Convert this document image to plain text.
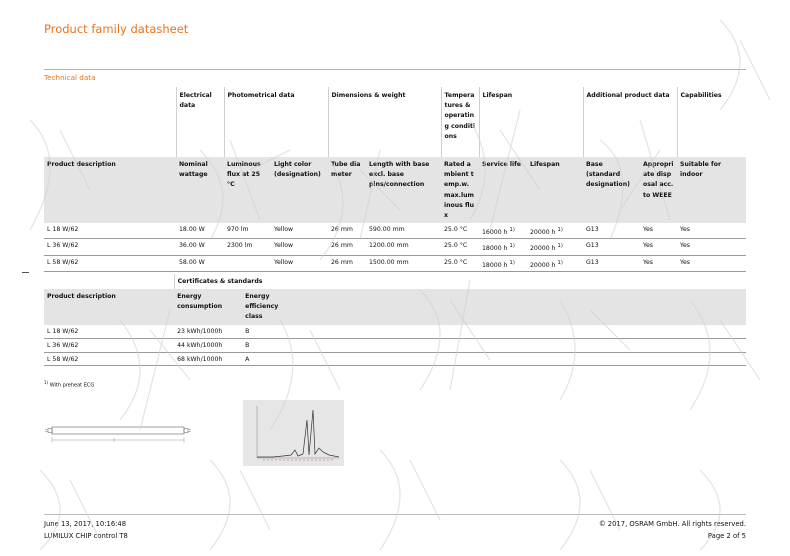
Product family datasheet
Technical data
	Electrical data	Photometrical data		Dimensions & weight		Temperatures & operating conditions	Lifespan		Additional product data		Capabilities
Product description	Nominal wattage	Luminous flux at 25 °C	Light color (designation)	Tube diameter	Length with base excl. base pins/connection	Rated ambient temp.w. max.luminous flux	Service life	Lifespan	Base (standard designation)	Appropriate disposal acc. to WEEE	Suitable for indoor
L 18 W/62	18.00 W	970 lm	Yellow	26 mm	590.00 mm	25.0 °C	16000 h $^{1)}$	20000 h $^{1)}$	G13	Yes	Yes
L 36 W/62	36.00 W	2300 lm	Yellow	26 mm	1200.00 mm	25.0 °C	18000 h $^{1)}$	20000 h $^{1)}$	G13	Yes	Yes
L 58 W/62	58.00 W		Yellow	26 mm	1500.00 mm	25.0 °C	18000 h $^{1)}$	20000 h $^{1)}$	G13	Yes	Yes
	Certificates & standards	
Product description	Energy consumption	Energy efficiency class
L 18 W/62	23 kWh/1000h	B
L 36 W/62	44 kWh/1000h	B
L 58 W/62	68 kWh/1000h	A
$^{1)}$ With preheat ECG
June 13, 2017, 10:16:48
LUMILUX CHIP control T8
© 2017, OSRAM GmbH. All rights reserved.
Page 2 of 5
